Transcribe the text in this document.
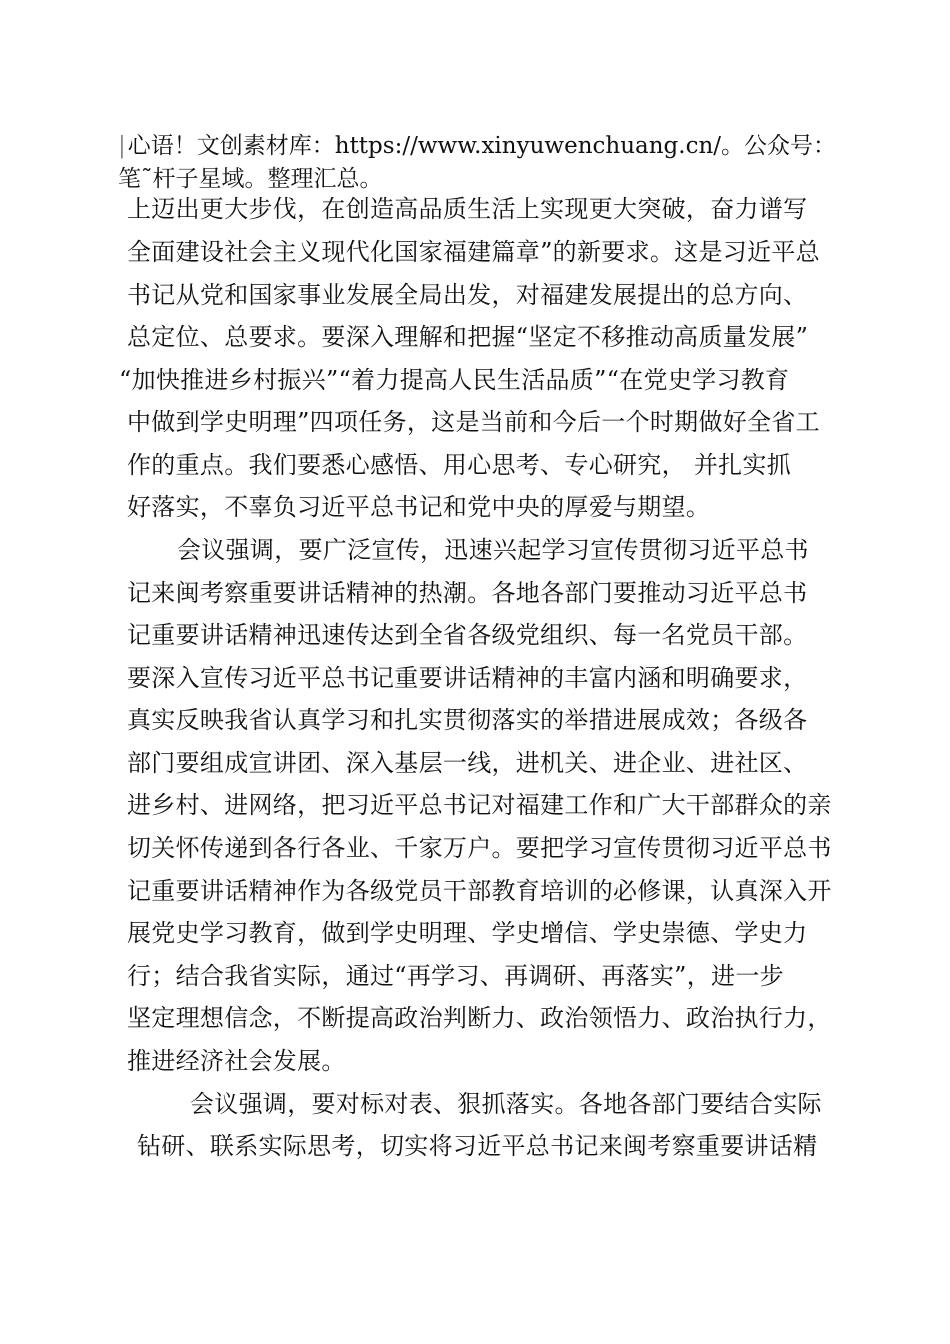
|心语！文创素材库：https://www.xinyuwenchuang.cn/。公众号：
笔˜杆子星域。整理汇总。
上迈出更大步伐，在创造高品质生活上实现更大突破，奋力谱写
全面建设社会主义现代化国家福建篇章”的新要求。这是习近平总
书记从党和国家事业发展全局出发，对福建发展提出的总方向、
总定位、总要求。要深入理解和把握“坚定不移推动高质量发展”
“加快推进乡村振兴”“着力提高人民生活品质”“在党史学习教育
中做到学史明理”四项任务，这是当前和今后一个时期做好全省工
作的重点。我们要悉心感悟、用心思考、专心研究， 并扎实抓
好落实，不辜负习近平总书记和党中央的厚爱与期望。
会议强调，要广泛宣传，迅速兴起学习宣传贯彻习近平总书
记来闽考察重要讲话精神的热潮。各地各部门要推动习近平总书
记重要讲话精神迅速传达到全省各级党组织、每一名党员干部。
要深入宣传习近平总书记重要讲话精神的丰富内涵和明确要求，
真实反映我省认真学习和扎实贯彻落实的举措进展成效；各级各
部门要组成宣讲团、深入基层一线，进机关、进企业、进社区、
进乡村、进网络，把习近平总书记对福建工作和广大干部群众的亲
切关怀传递到各行各业、千家万户。要把学习宣传贯彻习近平总书
记重要讲话精神作为各级党员干部教育培训的必修课，认真深入开
展党史学习教育，做到学史明理、学史增信、学史崇德、学史力
行；结合我省实际，通过“再学习、再调研、再落实”，进一步
坚定理想信念，不断提高政治判断力、政治领悟力、政治执行力，
推进经济社会发展。
会议强调，要对标对表、狠抓落实。各地各部门要结合实际
钻研、联系实际思考，切实将习近平总书记来闽考察重要讲话精
